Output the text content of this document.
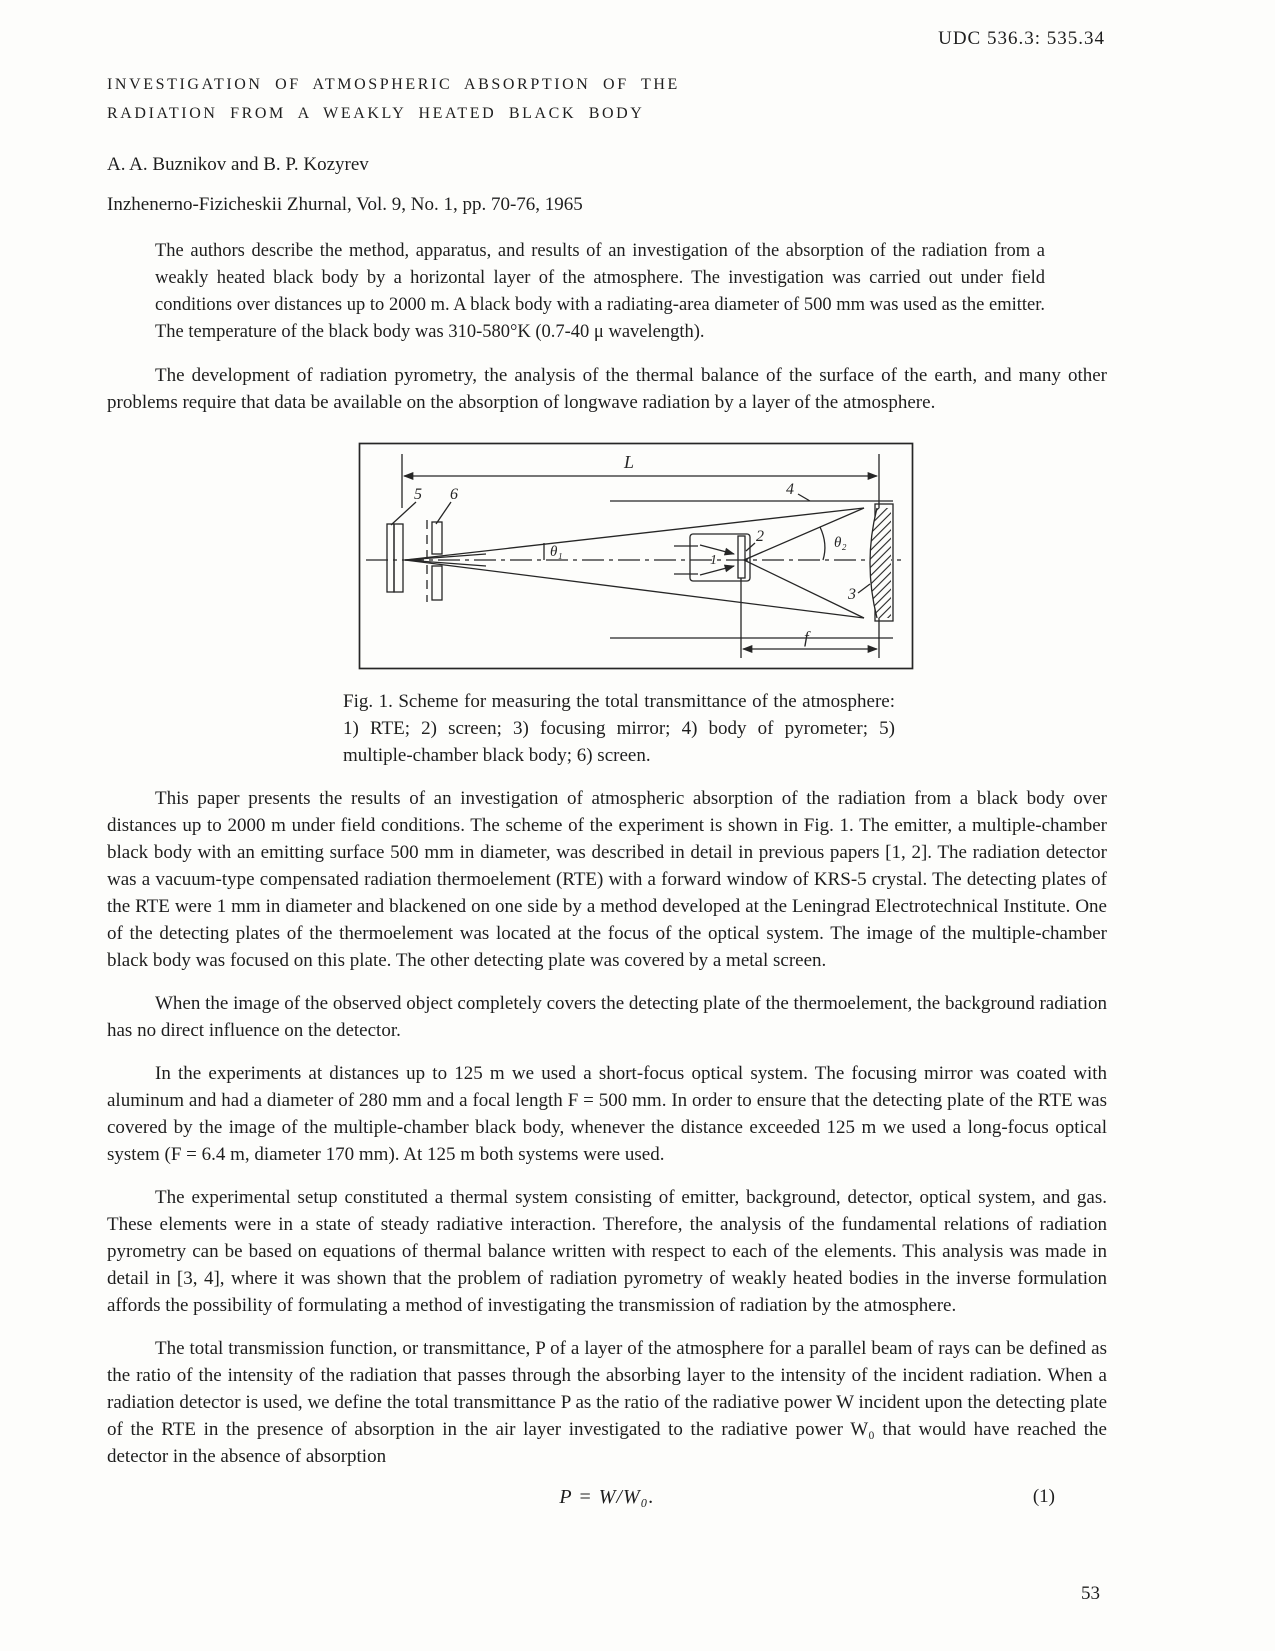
UDC 536.3: 535.34
INVESTIGATION OF ATMOSPHERIC ABSORPTION OF THE
RADIATION FROM A WEAKLY HEATED BLACK BODY
A. A. Buznikov and B. P. Kozyrev
Inzhenerno-Fizicheskii Zhurnal, Vol. 9, No. 1, pp. 70-76, 1965
The authors describe the method, apparatus, and results of an investigation of the absorption of the radiation from a weakly heated black body by a horizontal layer of the atmosphere. The investigation was carried out under field conditions over distances up to 2000 m. A black body with a radiating-area diameter of 500 mm was used as the emitter. The temperature of the black body was 310-580°K (0.7-40 μ wavelength).

The development of radiation pyrometry, the analysis of the thermal balance of the surface of the earth, and many other problems require that data be available on the absorption of longwave radiation by a layer of the atmosphere.

L
5 6
θ₁
1
2	θ₂
4
3
f
Fig. 1. Scheme for measuring the total transmittance of the atmosphere: 1) RTE; 2) screen; 3) focusing mirror; 4) body of pyrometer; 5) multiple-chamber black body; 6) screen.

This paper presents the results of an investigation of atmospheric absorption of the radiation from a black body over distances up to 2000 m under field conditions. The scheme of the experiment is shown in Fig. 1. The emitter, a multiple-chamber black body with an emitting surface 500 mm in diameter, was described in detail in previous papers [1, 2]. The radiation detector was a vacuum-type compensated radiation thermoelement (RTE) with a forward window of KRS-5 crystal. The detecting plates of the RTE were 1 mm in diameter and blackened on one side by a method developed at the Leningrad Electrotechnical Institute. One of the detecting plates of the thermoelement was located at the focus of the optical system. The image of the multiple-chamber black body was focused on this plate. The other detecting plate was covered by a metal screen.

When the image of the observed object completely covers the detecting plate of the thermoelement, the background radiation has no direct influence on the detector.

In the experiments at distances up to 125 m we used a short-focus optical system. The focusing mirror was coated with aluminum and had a diameter of 280 mm and a focal length F = 500 mm. In order to ensure that the detecting plate of the RTE was covered by the image of the multiple-chamber black body, whenever the distance exceeded 125 m we used a long-focus optical system (F = 6.4 m, diameter 170 mm). At 125 m both systems were used.

The experimental setup constituted a thermal system consisting of emitter, background, detector, optical system, and gas. These elements were in a state of steady radiative interaction. Therefore, the analysis of the fundamental relations of radiation pyrometry can be based on equations of thermal balance written with respect to each of the elements. This analysis was made in detail in [3, 4], where it was shown that the problem of radiation pyrometry of weakly heated bodies in the inverse formulation affords the possibility of formulating a method of investigating the transmission of radiation by the atmosphere.

The total transmission function, or transmittance, P of a layer of the atmosphere for a parallel beam of rays can be defined as the ratio of the intensity of the radiation that passes through the absorbing layer to the intensity of the incident radiation. When a radiation detector is used, we define the total transmittance P as the ratio of the radiative power W incident upon the detecting plate of the RTE in the presence of absorption in the air layer investigated to the radiative power W₀ that would have reached the detector in the absence of absorption

P = W/W₀.	(1)
53
